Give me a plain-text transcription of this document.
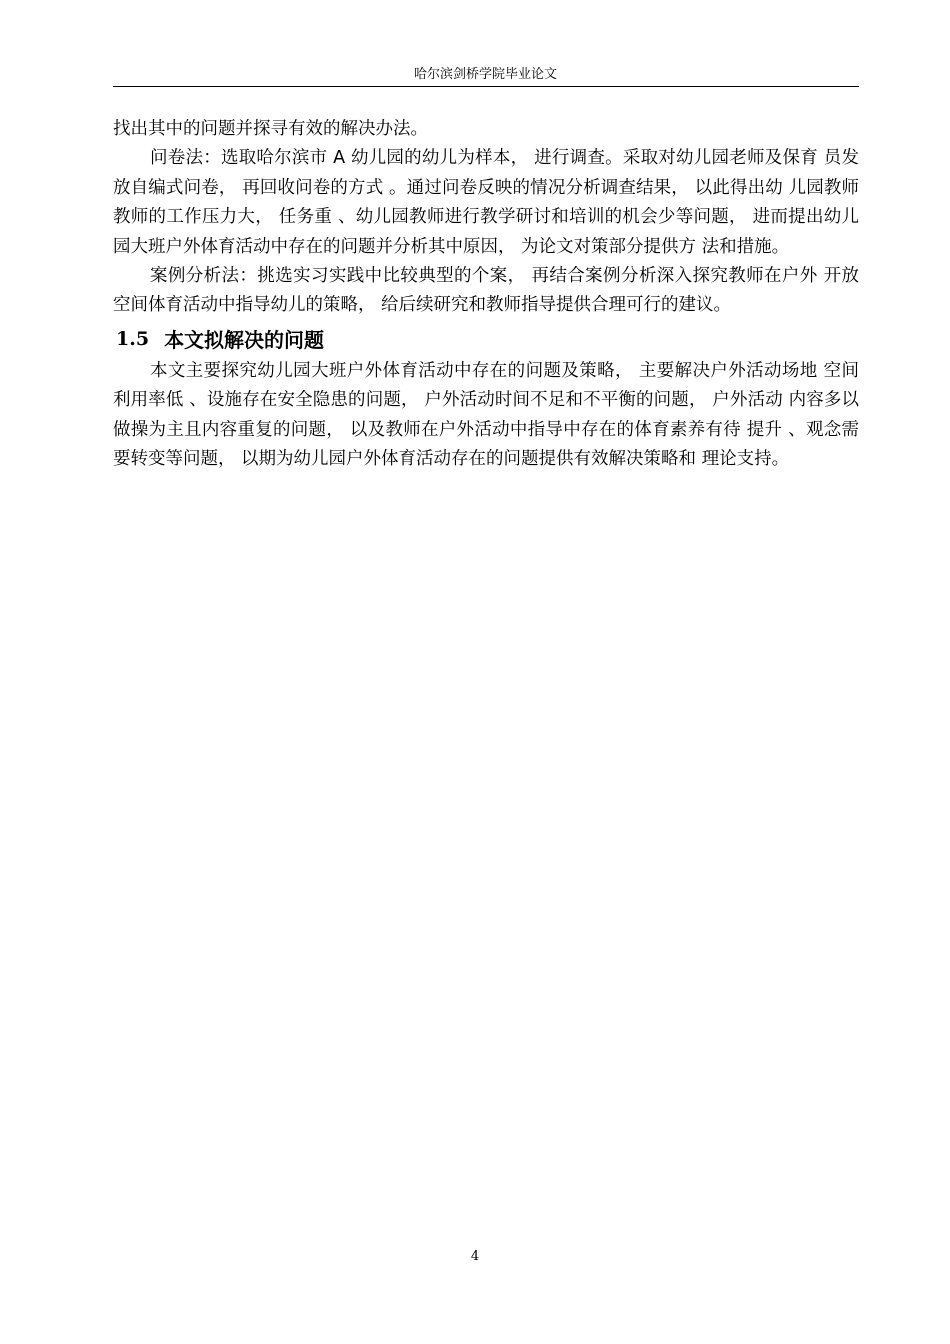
哈尔滨剑桥学院毕业论文

找出其中的问题并探寻有效的解决办法。

问卷法：选取哈尔滨市 A 幼儿园的幼儿为样本， 进行调查。采取对幼儿园老师及保育 员发放自编式问卷， 再回收问卷的方式 。通过问卷反映的情况分析调查结果， 以此得出幼 儿园教师教师的工作压力大， 任务重 、幼儿园教师进行教学研讨和培训的机会少等问题， 进而提出幼儿园大班户外体育活动中存在的问题并分析其中原因， 为论文对策部分提供方 法和措施。

案例分析法：挑选实习实践中比较典型的个案， 再结合案例分析深入探究教师在户外 开放空间体育活动中指导幼儿的策略， 给后续研究和教师指导提供合理可行的建议。

1.5 本文拟解决的问题

本文主要探究幼儿园大班户外体育活动中存在的问题及策略， 主要解决户外活动场地 空间利用率低 、设施存在安全隐患的问题， 户外活动时间不足和不平衡的问题， 户外活动 内容多以做操为主且内容重复的问题， 以及教师在户外活动中指导中存在的体育素养有待 提升 、观念需要转变等问题， 以期为幼儿园户外体育活动存在的问题提供有效解决策略和 理论支持。

4
